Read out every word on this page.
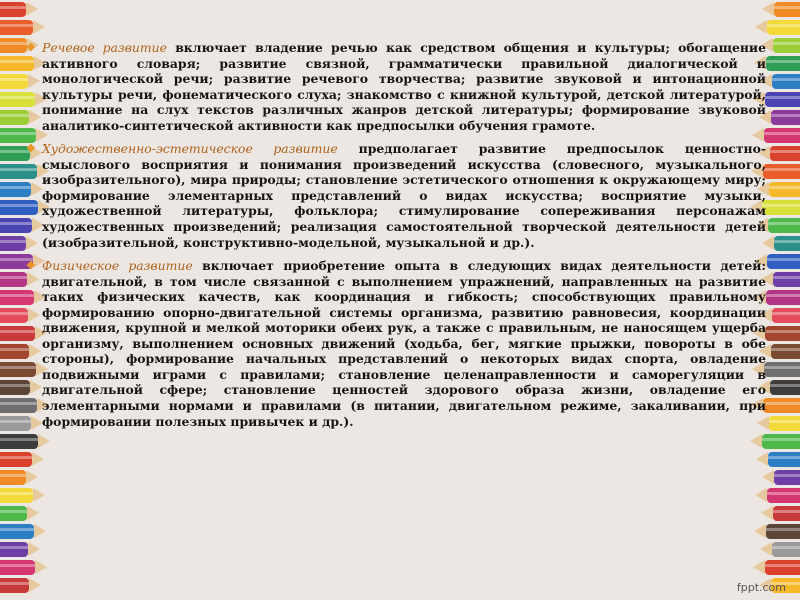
❖ Речевое развитие включает владение речью как средством общения и культуры; обогащение активного словаря; развитие связной, грамматически правильной диалогической и монологической речи; развитие речевого творчества; развитие звуковой и интонационной культуры речи, фонематического слуха; знакомство с книжной культурой, детской литературой, понимание на слух текстов различных жанров детской литературы; формирование звуковой аналитико-синтетической активности как предпосылки обучения грамоте.

❖ Художественно-эстетическое развитие предполагает развитие предпосылок ценностно-смыслового восприятия и понимания произведений искусства (словесного, музыкального, изобразительного), мира природы; становление эстетического отношения к окружающему миру; формирование элементарных представлений о видах искусства; восприятие музыки, художественной литературы, фольклора; стимулирование сопереживания персонажам художественных произведений; реализация самостоятельной творческой деятельности детей (изобразительной, конструктивно-модельной, музыкальной и др.).

❖ Физическое развитие включает приобретение опыта в следующих видах деятельности детей: двигательной, в том числе связанной с выполнением упражнений, направленных на развитие таких физических качеств, как координация и гибкость; способствующих правильному формированию опорно-двигательной системы организма, развитию равновесия, координации движения, крупной и мелкой моторики обеих рук, а также с правильным, не наносящем ущерба организму, выполнением основных движений (ходьба, бег, мягкие прыжки, повороты в обе стороны), формирование начальных представлений о некоторых видах спорта, овладение подвижными играми с правилами; становление целенаправленности и саморегуляции в двигательной сфере; становление ценностей здорового образа жизни, овладение его элементарными нормами и правилами (в питании, двигательном режиме, закаливании, при формировании полезных привычек и др.).

fppt.com
